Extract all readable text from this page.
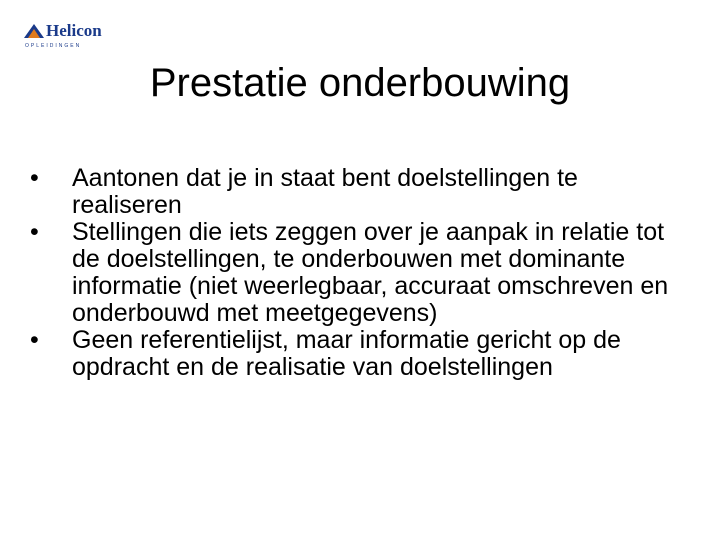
Helicon
OPLEIDINGEN
Prestatie onderbouwing
•	Aantonen dat je in staat bent doelstellingen te realiseren
•	Stellingen die iets zeggen over je aanpak in relatie tot de doelstellingen, te onderbouwen met dominante informatie (niet weerlegbaar, accuraat omschreven en onderbouwd met meetgegevens)
•	Geen referentielijst, maar informatie gericht op de opdracht en de realisatie van doelstellingen
